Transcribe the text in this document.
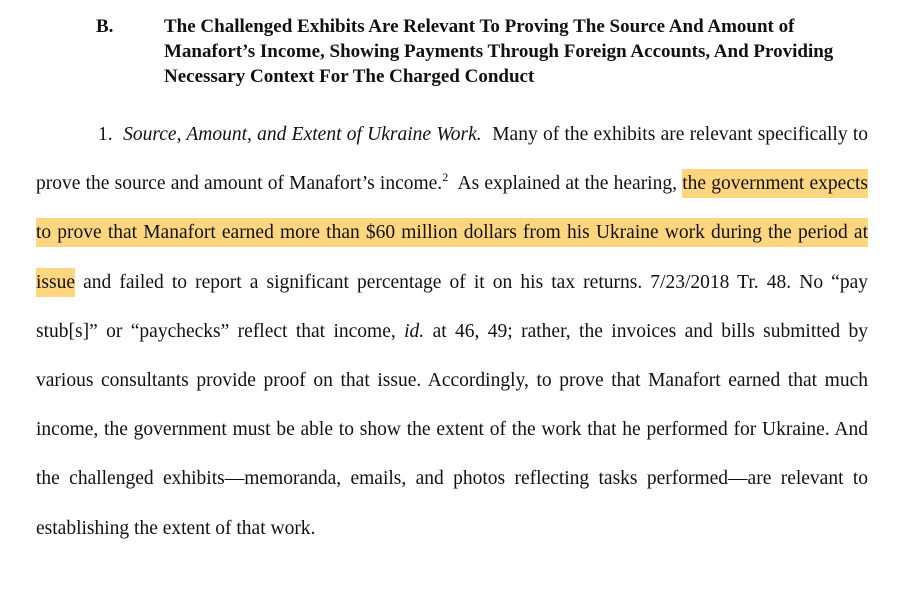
B.	The Challenged Exhibits Are Relevant To Proving The Source And Amount of Manafort’s Income, Showing Payments Through Foreign Accounts, And Providing Necessary Context For The Charged Conduct

1. Source, Amount, and Extent of Ukraine Work. Many of the exhibits are relevant specifically to prove the source and amount of Manafort’s income.$^2$ As explained at the hearing, the government expects to prove that Manafort earned more than $60 million dollars from his Ukraine work during the period at issue and failed to report a significant percentage of it on his tax returns. 7/23/2018 Tr. 48. No “pay stub[s]” or “paychecks” reflect that income, id. at 46, 49; rather, the invoices and bills submitted by various consultants provide proof on that issue. Accordingly, to prove that Manafort earned that much income, the government must be able to show the extent of the work that he performed for Ukraine. And the challenged exhibits—memoranda, emails, and photos reflecting tasks performed—are relevant to establishing the extent of that work.
